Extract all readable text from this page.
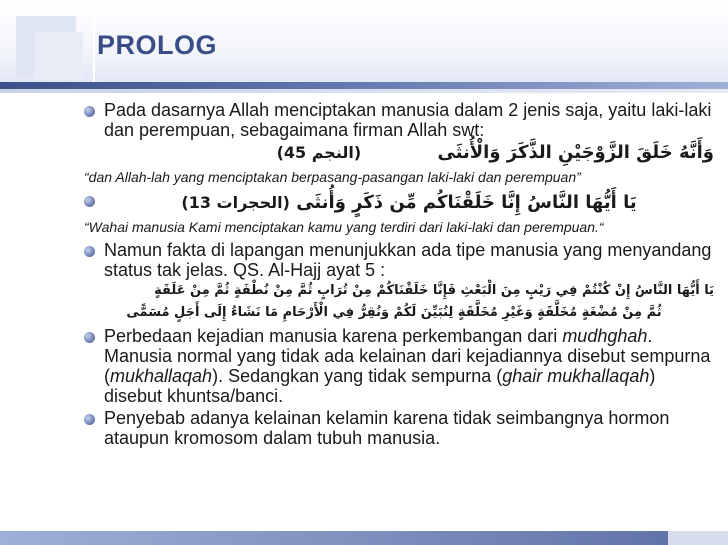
PROLOG
Pada dasarnya Allah menciptakan manusia dalam 2 jenis saja, yaitu laki-laki dan perempuan, sebagaimana firman Allah swt:
وَأَنَّهُ خَلَقَ الزَّوْجَيْنِ الذَّكَرَ وَالْأُنثَى (النجم 45)
“dan Allah-lah yang menciptakan berpasang-pasangan laki-laki dan perempuan”
يَا أَيُّهَا النَّاسُ إِنَّا خَلَقْنَاكُم مِّن ذَكَرٍ وَأُنثَى (الحجرات 13)
“Wahai manusia Kami menciptakan kamu yang terdiri dari laki-laki dan perempuan.“
Namun fakta di lapangan menunjukkan ada tipe manusia yang menyandang status tak jelas. QS. Al-Hajj ayat 5 :
يَا أَيُّهَا النَّاسُ إِنْ كُنْتُمْ فِي رَيْبٍ مِنَ الْبَعْثِ فَإِنَّا خَلَقْنَاكُمْ مِنْ تُرَابٍ ثُمَّ مِنْ نُطْفَةٍ ثُمَّ مِنْ عَلَقَةٍ
ثُمَّ مِنْ مُضْغَةٍ مُخَلَّقَةٍ وَغَيْرِ مُخَلَّقَةٍ لِنُبَيِّنَ لَكُمْ وَنُقِرُّ فِي الْأَرْحَامِ مَا نَشَاءُ إِلَى أَجَلٍ مُسَمًّى
Perbedaan kejadian manusia karena perkembangan dari mudhghah. Manusia normal yang tidak ada kelainan dari kejadiannya disebut sempurna (mukhallaqah). Sedangkan yang tidak sempurna (ghair mukhallaqah) disebut khuntsa/banci.
Penyebab adanya kelainan kelamin karena tidak seimbangnya hormon ataupun kromosom dalam tubuh manusia.
